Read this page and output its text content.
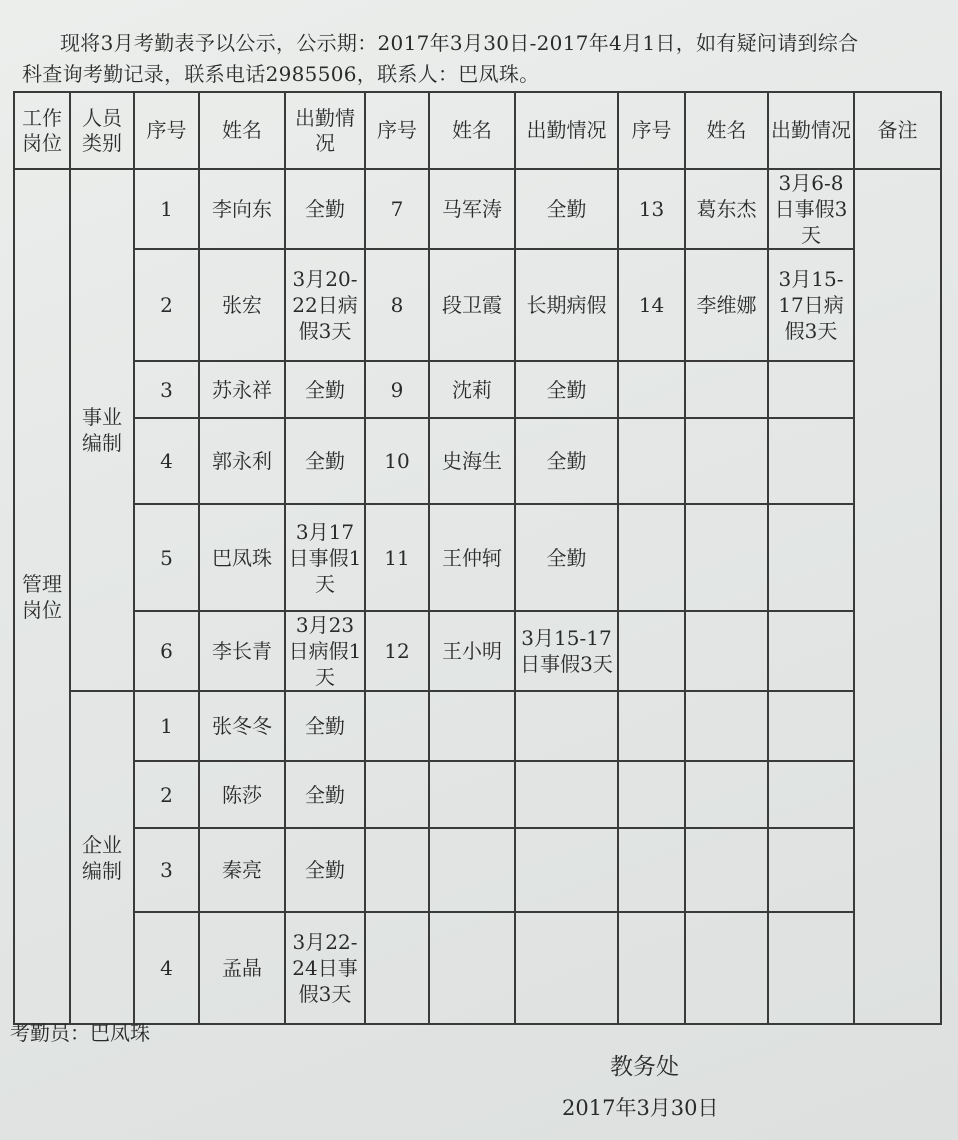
现将3月考勤表予以公示，公示期：2017年3月30日-2017年4月1日，如有疑问请到综合
科查询考勤记录，联系电话2985506，联系人：巴凤珠。
工作岗位	人员类别	序号	姓名	出勤情况	序号	姓名	出勤情况	序号	姓名	出勤情况	备注
管理岗位	事业编制	1	李向东	全勤	7	马军涛	全勤	13	葛东杰	3月6-8日事假3天	
		2	张宏	3月20-22日病假3天	8	段卫霞	长期病假	14	李维娜	3月15-17日病假3天	
		3	苏永祥	全勤	9	沈莉	全勤				
		4	郭永利	全勤	10	史海生	全勤				
		5	巴凤珠	3月17日事假1天	11	王仲轲	全勤				
		6	李长青	3月23日病假1天	12	王小明	3月15-17日事假3天				
	企业编制	1	张冬冬	全勤							
		2	陈莎	全勤							
		3	秦亮	全勤							
		4	孟晶	3月22-24日事假3天							
考勤员：巴凤珠
教务处
2017年3月30日
